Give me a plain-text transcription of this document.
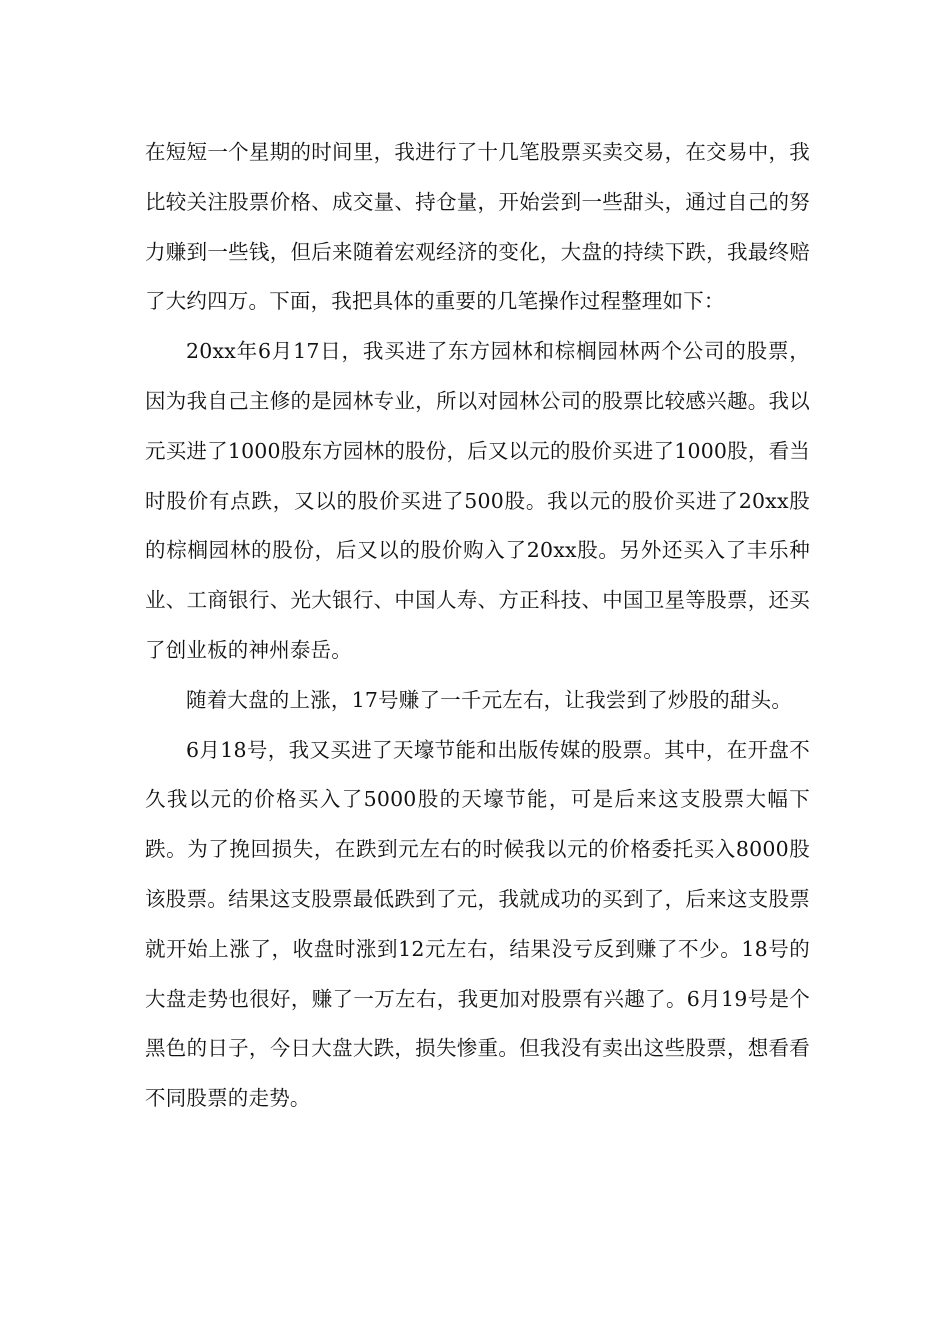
在短短一个星期的时间里，我进行了十几笔股票买卖交易，在交易中，我比较关注股票价格、成交量、持仓量，开始尝到一些甜头，通过自己的努力赚到一些钱，但后来随着宏观经济的变化，大盘的持续下跌，我最终赔了大约四万。下面，我把具体的重要的几笔操作过程整理如下：

20xx年6月17日，我买进了东方园林和棕榈园林两个公司的股票，因为我自己主修的是园林专业，所以对园林公司的股票比较感兴趣。我以元买进了1000股东方园林的股份，后又以元的股价买进了1000股，看当时股价有点跌，又以的股价买进了500股。我以元的股价买进了20xx股的棕榈园林的股份，后又以的股价购入了20xx股。另外还买入了丰乐种业、工商银行、光大银行、中国人寿、方正科技、中国卫星等股票，还买了创业板的神州泰岳。

随着大盘的上涨，17号赚了一千元左右，让我尝到了炒股的甜头。

6月18号，我又买进了天壕节能和出版传媒的股票。其中，在开盘不久我以元的价格买入了5000股的天壕节能，可是后来这支股票大幅下跌。为了挽回损失，在跌到元左右的时候我以元的价格委托买入8000股该股票。结果这支股票最低跌到了元，我就成功的买到了，后来这支股票就开始上涨了，收盘时涨到12元左右，结果没亏反到赚了不少。18号的大盘走势也很好，赚了一万左右，我更加对股票有兴趣了。6月19号是个黑色的日子，今日大盘大跌，损失惨重。但我没有卖出这些股票，想看看不同股票的走势。
